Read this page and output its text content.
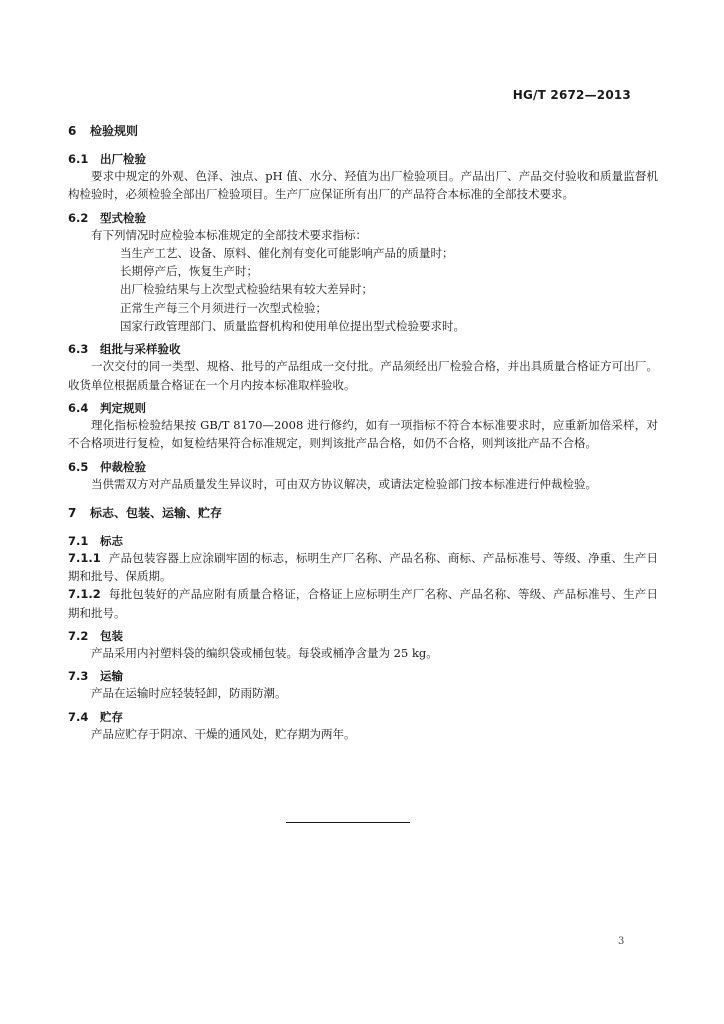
HG/T 2672—2013
6 检验规则
6.1 出厂检验

要求中规定的外观、色泽、浊点、pH 值、水分、羟值为出厂检验项目。产品出厂、产品交付验收和质量监督机构检验时，必须检验全部出厂检验项目。生产厂应保证所有出厂的产品符合本标准的全部技术要求。

6.2 型式检验

有下列情况时应检验本标准规定的全部技术要求指标：

当生产工艺、设备、原料、催化剂有变化可能影响产品的质量时；

长期停产后，恢复生产时；

出厂检验结果与上次型式检验结果有较大差异时；

正常生产每三个月须进行一次型式检验；

国家行政管理部门、质量监督机构和使用单位提出型式检验要求时。

6.3 组批与采样验收

一次交付的同一类型、规格、批号的产品组成一交付批。产品须经出厂检验合格，并出具质量合格证方可出厂。收货单位根据质量合格证在一个月内按本标准取样验收。

6.4 判定规则

理化指标检验结果按 GB/T 8170—2008 进行修约，如有一项指标不符合本标准要求时，应重新加倍采样，对不合格项进行复检，如复检结果符合标准规定，则判该批产品合格，如仍不合格，则判该批产品不合格。

6.5 仲裁检验

当供需双方对产品质量发生异议时，可由双方协议解决，或请法定检验部门按本标准进行仲裁检验。

7 标志、包装、运输、贮存
7.1 标志

7.1.1 产品包装容器上应涂刷牢固的标志，标明生产厂名称、产品名称、商标、产品标准号、等级、净重、生产日期和批号、保质期。

7.1.2 每批包装好的产品应附有质量合格证，合格证上应标明生产厂名称、产品名称、等级、产品标准号、生产日期和批号。

7.2 包装

产品采用内衬塑料袋的编织袋或桶包装。每袋或桶净含量为 25 kg。

7.3 运输

产品在运输时应轻装轻卸，防雨防潮。

7.4 贮存

产品应贮存于阴凉、干燥的通风处，贮存期为两年。

3
